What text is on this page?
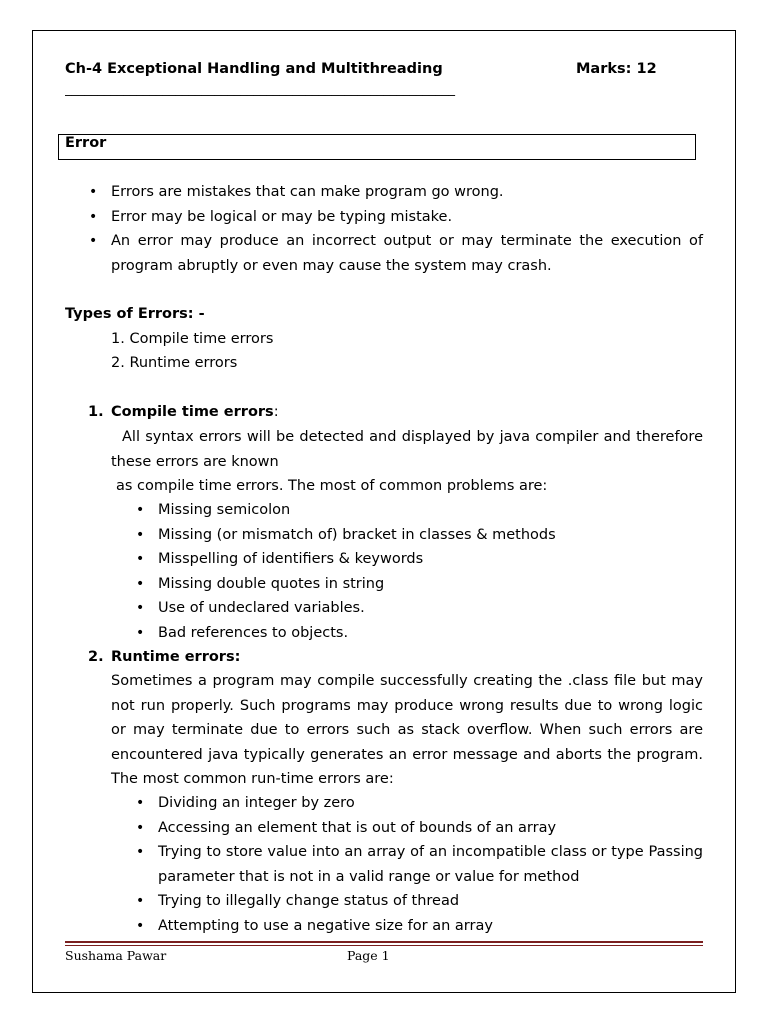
Ch-4 Exceptional Handling and Multithreading	Marks: 12
____________________________________________________________
Error
• Errors are mistakes that can make program go wrong.
• Error may be logical or may be typing mistake.
• An error may produce an incorrect output or may terminate the execution of program abruptly or even may cause the system may crash.
Types of Errors: -
1. Compile time errors
2. Runtime errors
1. Compile time errors:
All syntax errors will be detected and displayed by java compiler and therefore these errors are known
as compile time errors. The most of common problems are:
• Missing semicolon
• Missing (or mismatch of) bracket in classes & methods
• Misspelling of identifiers & keywords
• Missing double quotes in string
• Use of undeclared variables.
• Bad references to objects.
2. Runtime errors:
Sometimes a program may compile successfully creating the .class file but may not run properly. Such programs may produce wrong results due to wrong logic or may terminate due to errors such as stack overflow. When such errors are encountered java typically generates an error message and aborts the program. The most common run-time errors are:
• Dividing an integer by zero
• Accessing an element that is out of bounds of an array
• Trying to store value into an array of an incompatible class or type Passing parameter that is not in a valid range or value for method
• Trying to illegally change status of thread
• Attempting to use a negative size for an array
Sushama Pawar	Page 1
